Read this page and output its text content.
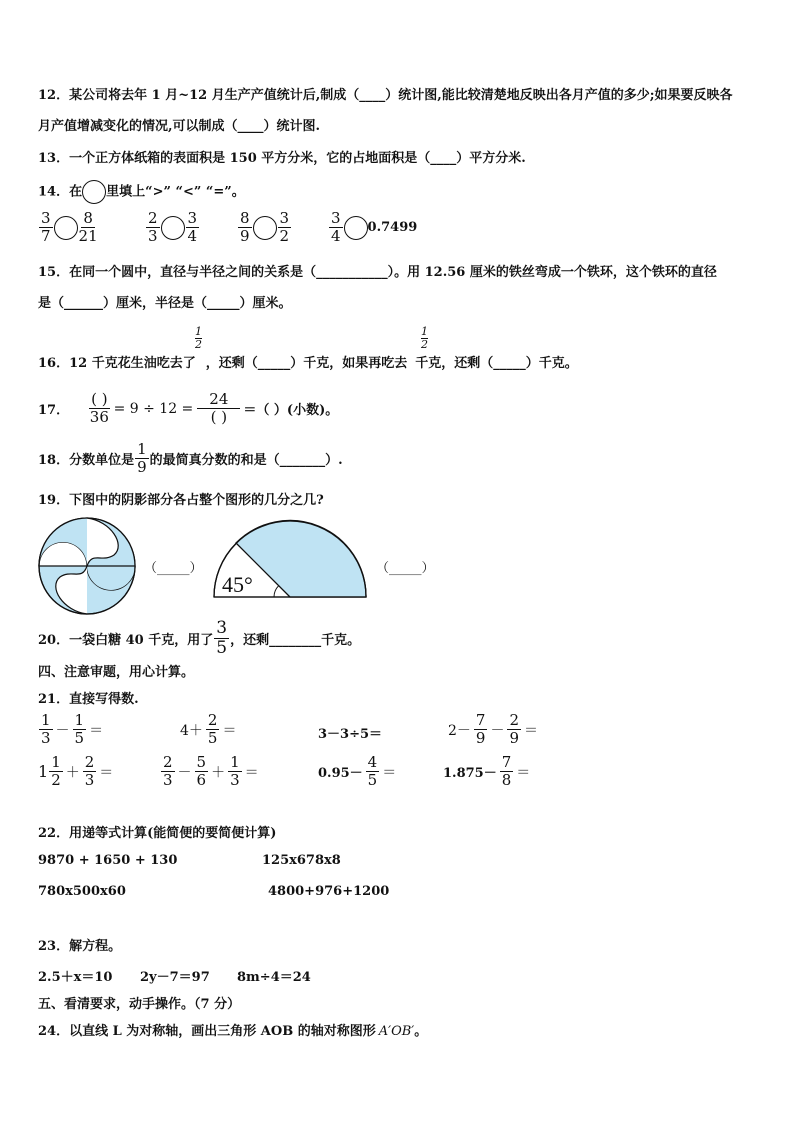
12．某公司将去年 1 月~12 月生产产值统计后,制成（____）统计图,能比较清楚地反映出各月产值的多少;如果要反映各
月产值增减变化的情况,可以制成（____）统计图.
13．一个正方体纸箱的表面积是 150 平方分米，它的占地面积是（____）平方分米.
14．在 里填上“>” “<” “=”。
$\frac{3}{7} \frac{8}{21}$	$\frac{2}{3} \frac{3}{4}$	$\frac{8}{9} \frac{3}{2}$	$\frac{3}{4} 0.7499$
15．在同一个圆中，直径与半径之间的关系是（___________）。用 12.56 厘米的铁丝弯成一个铁环，这个铁环的直径
是（______）厘米，半径是（_____）厘米。
16．12 千克花生油吃去了 ，还剩（_____）千克，如果再吃去 千克，还剩（_____）千克。
1
2
1
2
17． $\frac{( )}{36} = 9 \div 12 = \frac{24}{( )}$ ＝（ ）(小数)。
18．分数单位是 $\frac{1}{9}$ 的最简真分数的和是（_______）.
19．下图中的阴影部分各占整个图形的几分之几?
（_____）
45°
（_____）
20．一袋白糖 40 千克，用了 $\frac{3}{5}$ ，还剩________千克。
四、注意审题，用心计算。
21．直接写得数.
$\frac{1}{3} - \frac{1}{5}$ ＝	$4+ \frac{2}{5}$ ＝	3－3÷5＝	$2- \frac{7}{9} - \frac{2}{9}$ ＝
$1 \frac{1}{2} + \frac{2}{3}$ ＝	$\frac{2}{3} - \frac{5}{6} + \frac{1}{3}$ ＝	$0.95- \frac{4}{5}$ ＝	$1.875- \frac{7}{8}$ ＝
22．用递等式计算(能简便的要简便计算)
9870 + 1650 + 130	125x678x8
780x500x60	4800+976+1200
23．解方程。
2.5＋x＝10 2y－7＝97 8m÷4＝24
五、看清要求，动手操作。（7 分）
24．以直线 L 为对称轴，画出三角形 AOB 的轴对称图形 A′OB′。
